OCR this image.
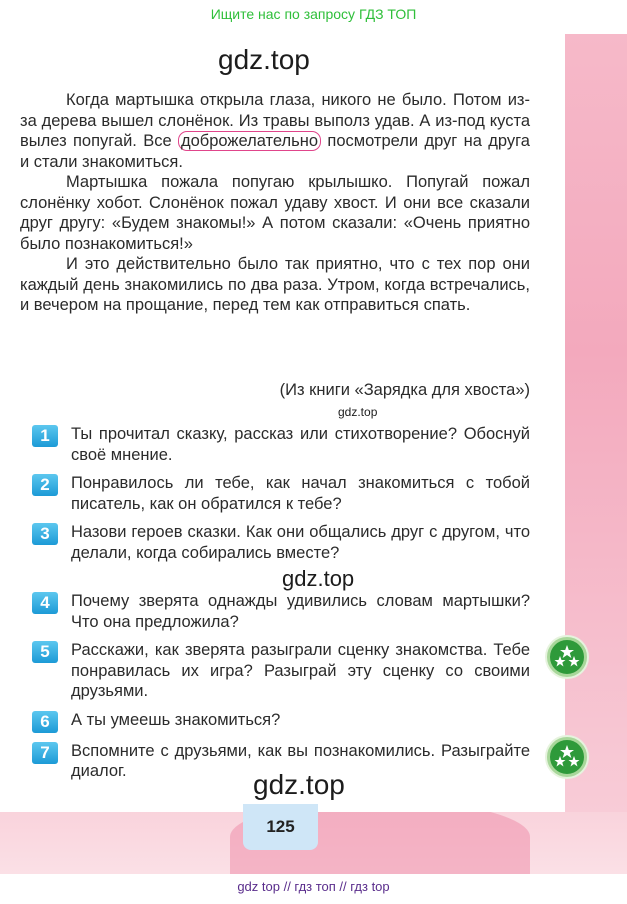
Ищите нас по запросу ГДЗ ТОП
gdz.top

Когда мартышка открыла глаза, никого не было. Потом из-за дерева вышел слонёнок. Из травы выполз удав. А из-под куста вылез попугай. Все доброжелательно посмотрели друг на друга и стали знакомиться.

Мартышка пожала попугаю крылышко. Попугай пожал слонёнку хобот. Слонёнок пожал удаву хвост. И они все сказали друг другу: «Будем знакомы!» А потом сказали: «Очень приятно было познакомиться!»

И это действительно было так приятно, что с тех пор они каждый день знакомились по два раза. Утром, когда встречались, и вечером на прощание, перед тем как отправиться спать.

(Из книги «Зарядка для хвоста»)
gdz.top
1	Ты прочитал сказку, рассказ или стихотворение? Обоснуй своё мнение.
2	Понравилось ли тебе, как начал знакомиться с тобой писатель, как он обратился к тебе?
3	Назови героев сказки. Как они общались друг с другом, что делали, когда собирались вместе?
4	Почему зверята однажды удивились словам мартышки? Что она предложила?
5	Расскажи, как зверята разыграли сценку знакомства. Тебе понравилась их игра? Разыграй эту сценку со своими друзьями.
6	А ты умеешь знакомиться?
7	Вспомните с друзьями, как вы познакомились. Разыграйте диалог.
gdz.top
gdz.top
125
gdz top // гдз топ // гдз top
